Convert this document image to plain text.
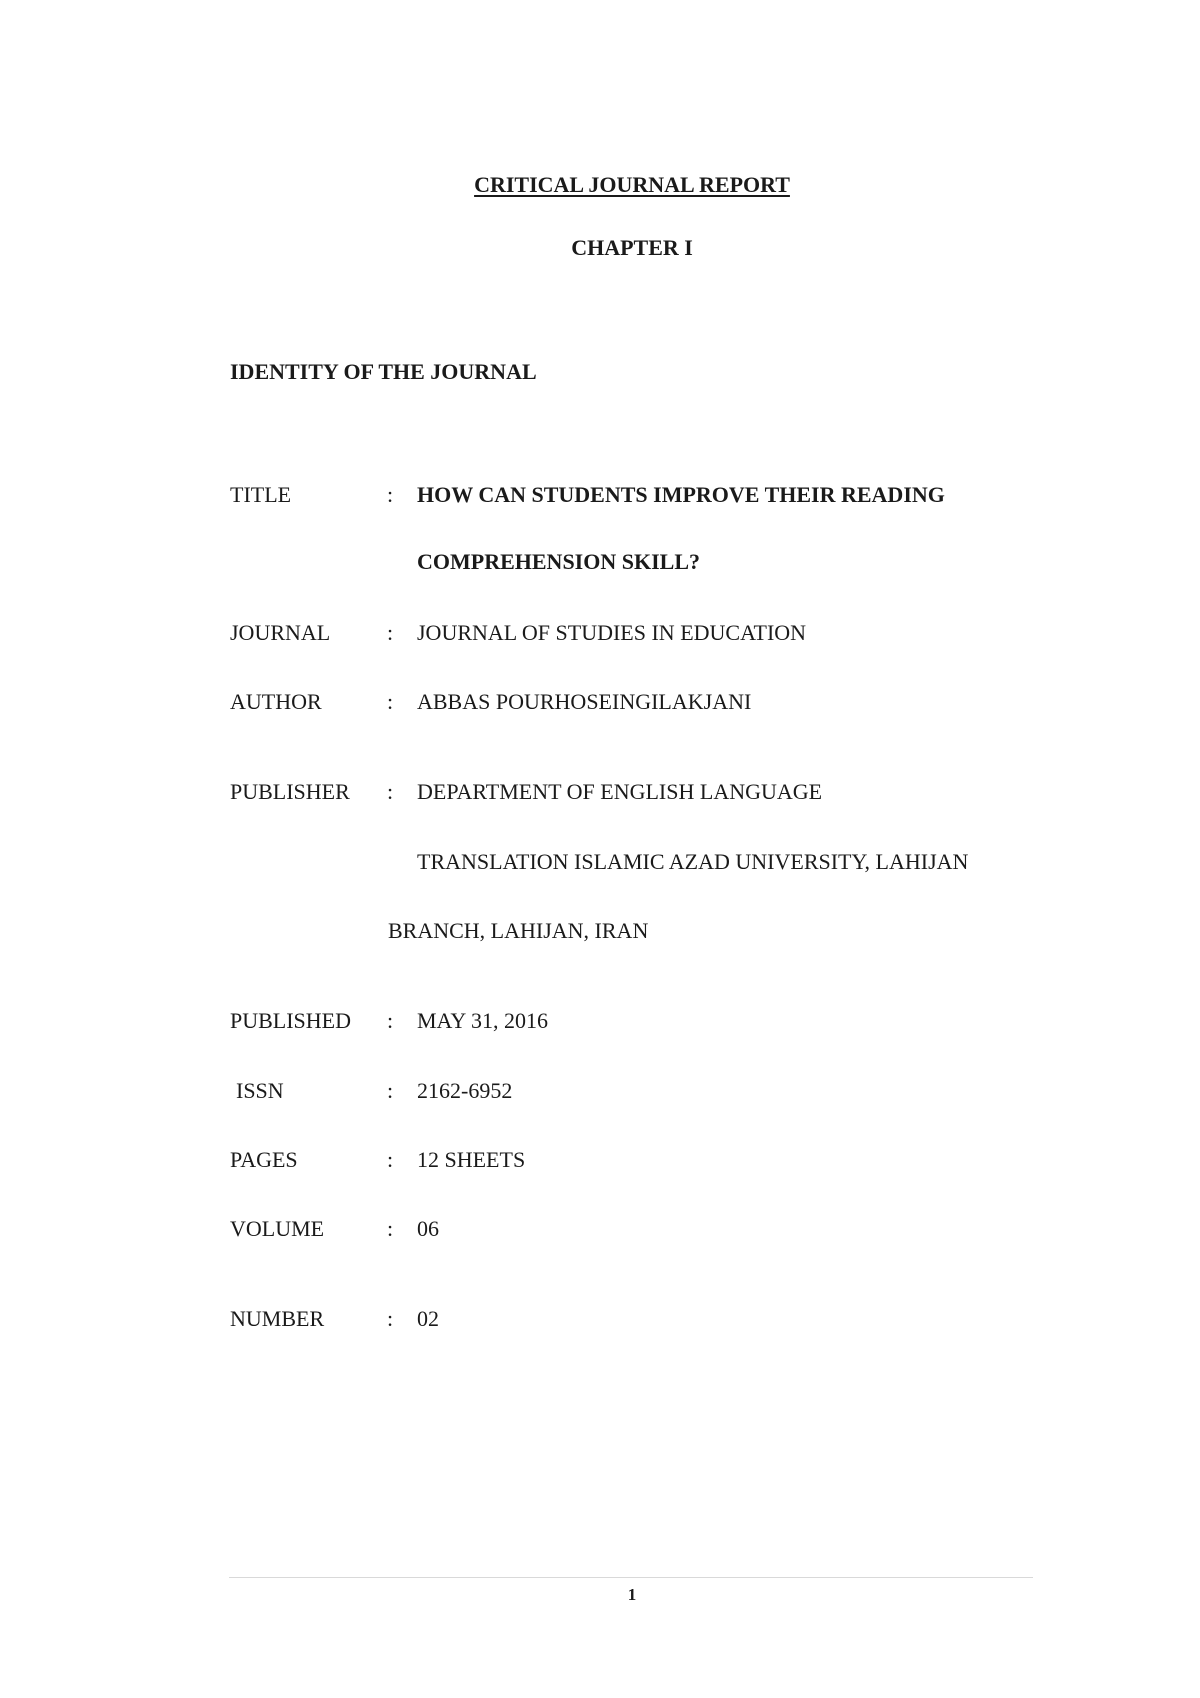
CRITICAL JOURNAL REPORT
CHAPTER I
IDENTITY OF THE JOURNAL
TITLE	: HOW CAN STUDENTS IMPROVE THEIR READING
COMPREHENSION SKILL?
JOURNAL	: JOURNAL OF STUDIES IN EDUCATION
AUTHOR	: ABBAS POURHOSEINGILAKJANI
PUBLISHER : DEPARTMENT OF ENGLISH LANGUAGE
TRANSLATION ISLAMIC AZAD UNIVERSITY, LAHIJAN
BRANCH, LAHIJAN, IRAN
PUBLISHED : MAY 31, 2016
ISSN	: 2162-6952
PAGES	: 12 SHEETS
VOLUME	: 06
NUMBER	: 02
1
